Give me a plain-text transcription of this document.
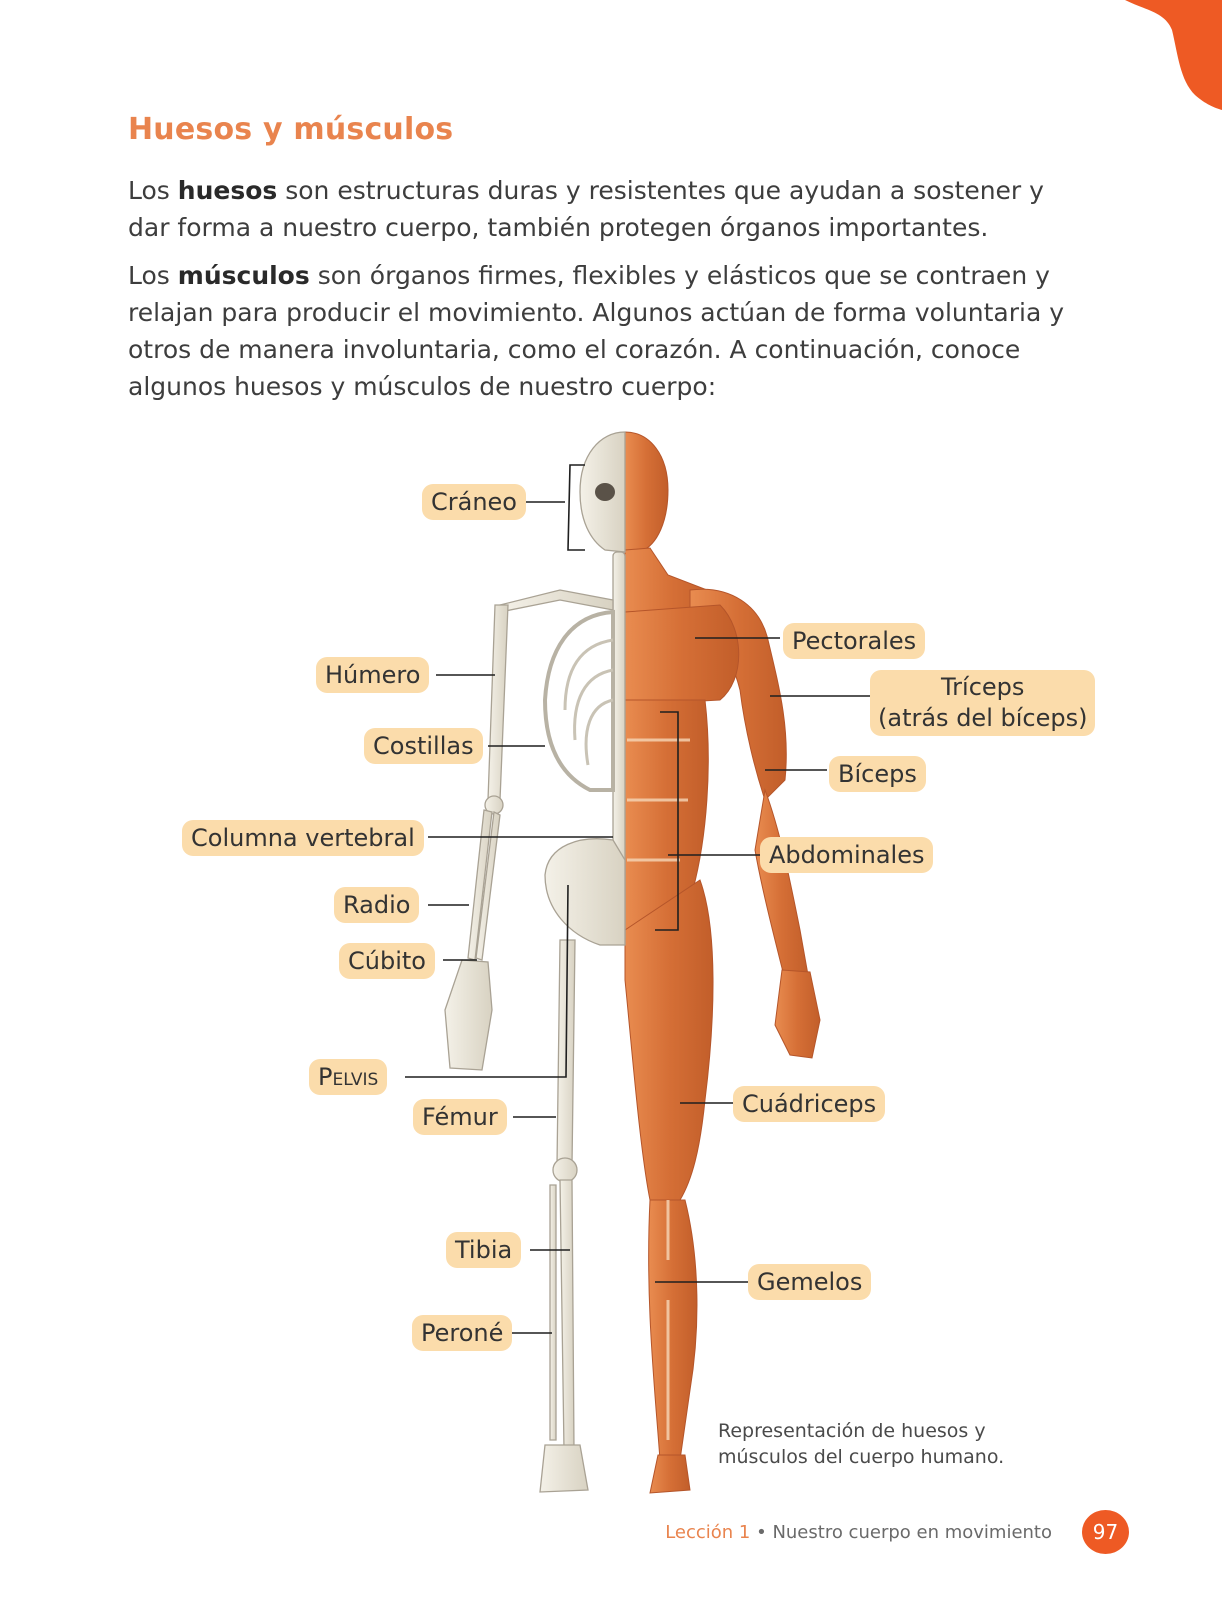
Huesos y músculos

Los huesos son estructuras duras y resistentes que ayudan a sostener y dar forma a nuestro cuerpo, también protegen órganos importantes.

Los músculos son órganos firmes, flexibles y elásticos que se contraen y relajan para producir el movimiento. Algunos actúan de forma voluntaria y otros de manera involuntaria, como el corazón. A continuación, conoce algunos huesos y músculos de nuestro cuerpo:

Cráneo
Húmero
Costillas
Columna vertebral
Radio
Cúbito
Pelvis
Fémur
Tibia
Peroné
Pectorales
Tríceps
(atrás del bíceps)
Bíceps
Abdominales
Cuádriceps
Gemelos
Representación de huesos y músculos del cuerpo humano.
Lección 1 • Nuestro cuerpo en movimiento	97
